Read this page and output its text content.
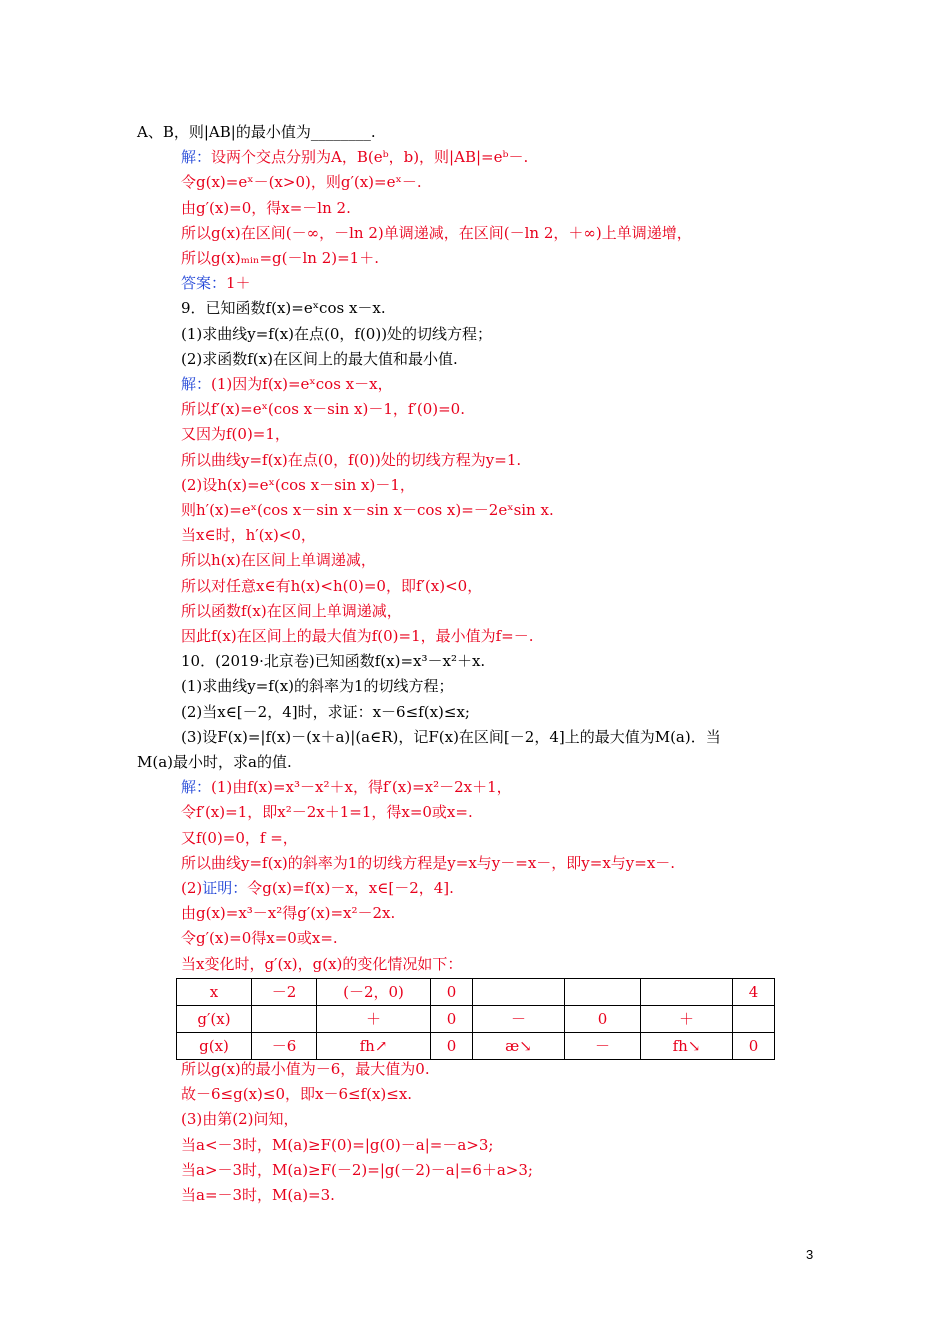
A、B，则|AB|的最小值为________.
解：设两个交点分别为A，B(eᵇ，b)，则|AB|=eᵇ－.
令g(x)=eˣ－(x>0)，则g′(x)=eˣ－.
由g′(x)=0，得x=－ln 2.
所以g(x)在区间(－∞，－ln 2)单调递减，在区间(－ln 2，＋∞)上单调递增，
所以g(x)ₘᵢₙ=g(－ln 2)=1＋.
答案：1＋
9．已知函数f(x)=eˣcos x－x.
(1)求曲线y=f(x)在点(0，f(0))处的切线方程；
(2)求函数f(x)在区间上的最大值和最小值.
解：(1)因为f(x)=eˣcos x－x，
所以f′(x)=eˣ(cos x－sin x)－1，f′(0)=0.
又因为f(0)=1，
所以曲线y=f(x)在点(0，f(0))处的切线方程为y=1.
(2)设h(x)=eˣ(cos x－sin x)－1，
则h′(x)=eˣ(cos x－sin x－sin x－cos x)=－2eˣsin x.
当x∈时，h′(x)<0，
所以h(x)在区间上单调递减，
所以对任意x∈有h(x)<h(0)=0，即f′(x)<0，
所以函数f(x)在区间上单调递减，
因此f(x)在区间上的最大值为f(0)=1，最小值为f=－.
10．(2019·北京卷)已知函数f(x)=x³－x²＋x.
(1)求曲线y=f(x)的斜率为1的切线方程；
(2)当x∈[－2，4]时，求证：x－6≤f(x)≤x;
(3)设F(x)=|f(x)－(x＋a)|(a∈R)，记F(x)在区间[－2，4]上的最大值为M(a)．当
M(a)最小时，求a的值.
解：(1)由f(x)=x³－x²＋x，得f′(x)=x²－2x＋1，
令f′(x)=1，即x²－2x＋1=1，得x=0或x=.
又f(0)=0，f =，
所以曲线y=f(x)的斜率为1的切线方程是y=x与y－=x－，即y=x与y=x－.
(2)证明：令g(x)=f(x)－x，x∈[－2，4].
由g(x)=x³－x²得g′(x)=x²－2x.
令g′(x)=0得x=0或x=.
当x变化时，g′(x)，g(x)的变化情况如下：
x	－2	(－2，0)	0				4
g′(x)		＋	0	－	0	＋	
g(x)	－6	fh↗	0	æ↘	－	fh↘	0
所以g(x)的最小值为－6，最大值为0.
故－6≤g(x)≤0，即x－6≤f(x)≤x.
(3)由第(2)问知，
当a<－3时，M(a)≥F(0)=|g(0)－a|=－a>3;
当a>－3时，M(a)≥F(－2)=|g(－2)－a|=6＋a>3;
当a=－3时，M(a)=3.
3
